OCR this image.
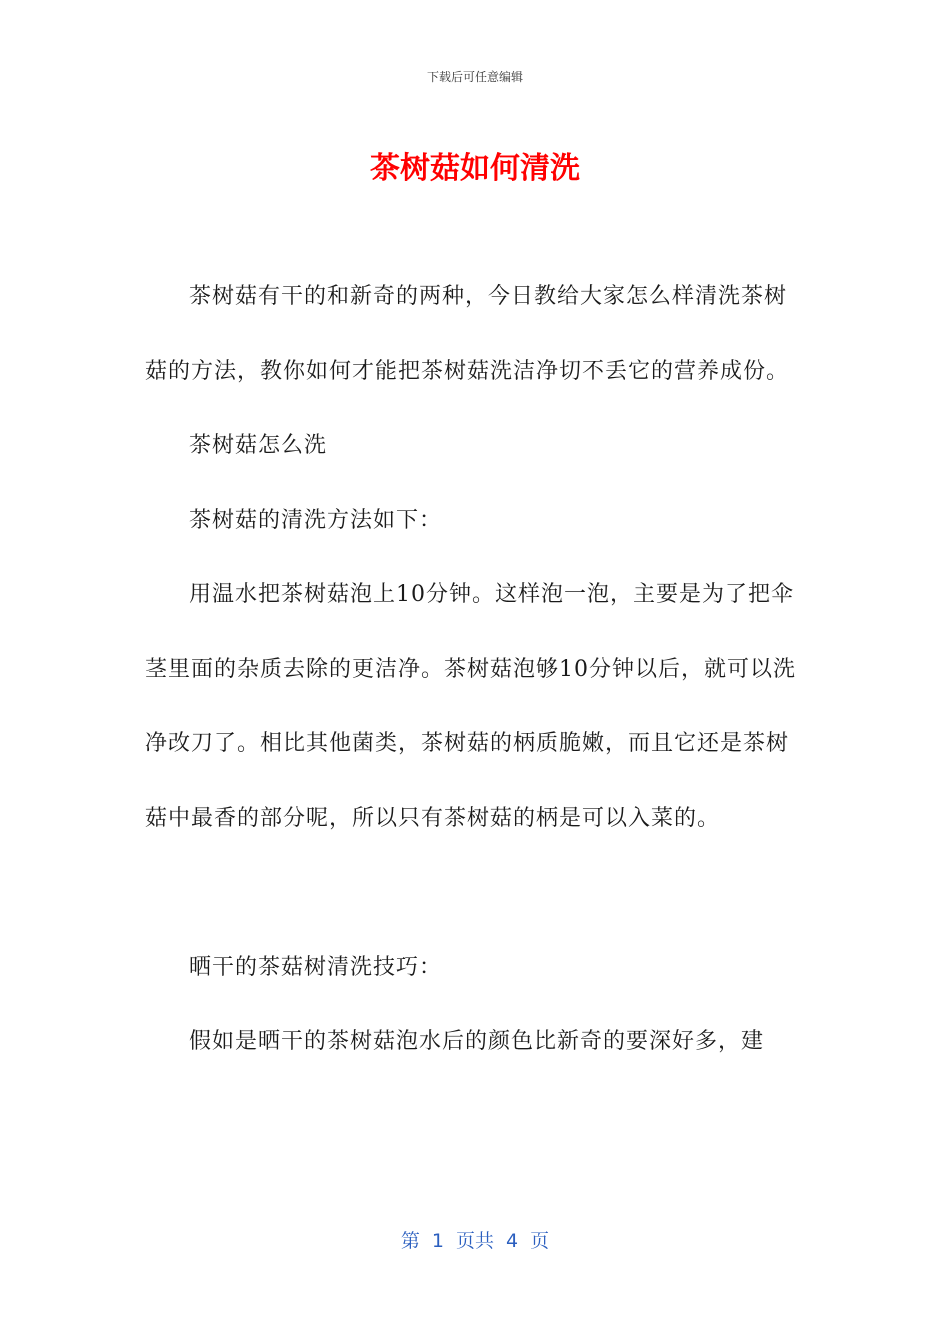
下载后可任意编辑
茶树菇如何清洗

茶树菇有干的和新奇的两种，今日教给大家怎么样清洗茶树菇的方法，教你如何才能把茶树菇洗洁净切不丢它的营养成份。

茶树菇怎么洗

茶树菇的清洗方法如下：

用温水把茶树菇泡上10分钟。这样泡一泡，主要是为了把伞茎里面的杂质去除的更洁净。茶树菇泡够10分钟以后，就可以洗净改刀了。相比其他菌类，茶树菇的柄质脆嫩，而且它还是茶树菇中最香的部分呢，所以只有茶树菇的柄是可以入菜的。

晒干的茶菇树清洗技巧：

假如是晒干的茶树菇泡水后的颜色比新奇的要深好多，建

第 1 页共 4 页
